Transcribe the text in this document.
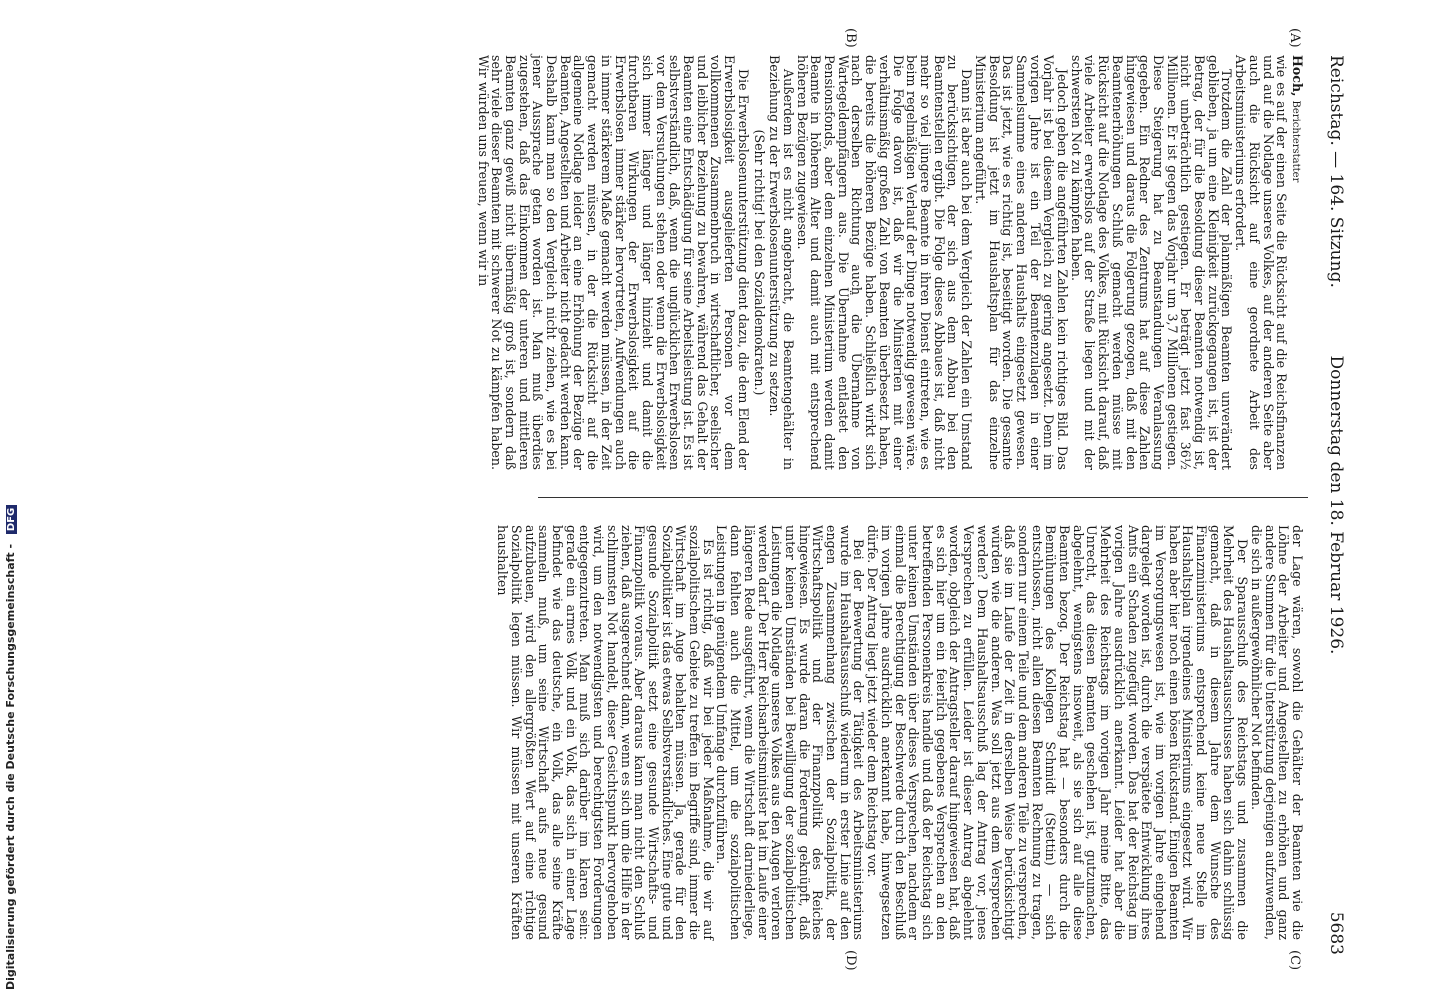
Reichstag. — 164. Sitzung.
Donnerstag den 18. Februar 1926.
5683
(A)
(B)
(C)
(D)

Hoch, Berichterstatter

wie es auf der einen Seite die Rücksicht auf die Reichsfinanzen und auf die Notlage unseres Volkes, auf der anderen Seite aber auch die Rücksicht auf eine geordnete Arbeit des Arbeitsministeriums erfordert.

Trotzdem die Zahl der planmäßigen Beamten unverändert geblieben, ja um eine Kleinigkeit zurückgegangen ist, ist der Betrag, der für die Besoldung dieser Beamten notwendig ist, nicht unbeträchtlich gestiegen. Er beträgt jetzt fast 36½ Millionen. Er ist gegen das Vorjahr um 3,7 Millionen gestiegen. Diese Steigerung hat zu Beanstandungen Veranlassung gegeben. Ein Redner des Zentrums hat auf diese Zahlen hingewiesen und daraus die Folgerung gezogen, daß mit den Beamtenerhöhungen Schluß gemacht werden müsse mit Rücksicht auf die Notlage des Volkes, mit Rücksicht darauf, daß viele Arbeiter erwerbslos auf der Straße liegen und mit der schwersten Not zu kämpfen haben.

Jedoch geben die angeführten Zahlen kein richtiges Bild. Das Vorjahr ist bei diesem Vergleich zu gering angesetzt. Denn im vorigen Jahre ist ein Teil der Beamtenzulagen in einer Sammelsumme eines anderen Haushalts eingesetzt gewesen. Das ist jetzt, wie es richtig ist, beseitigt worden. Die gesamte Besoldung ist jetzt im Haushaltsplan für das einzelne Ministerium angeführt.

Dann ist aber auch bei dem Vergleich der Zahlen ein Umstand zu berücksichtigen, der sich aus dem Abbau bei den Beamtenstellen ergibt. Die Folge dieses Abbaues ist, daß nicht mehr so viel jüngere Beamte in ihren Dienst eintreten, wie es beim regelmäßigen Verlauf der Dinge notwendig gewesen wäre. Die Folge davon ist, daß wir die Ministerien mit einer verhältnismäßig großen Zahl von Beamten überbesetzt haben, die bereits die höheren Bezüge haben. Schließlich wirkt sich nach derselben Richtung auch die Übernahme von Wartegeldempfängern aus. Die Übernahme entlastet den Pensionsfonds, aber dem einzelnen Ministerium werden damit Beamte in höherem Alter und damit auch mit entsprechend höheren Bezügen zugewiesen.

Außerdem ist es nicht angebracht, die Beamtengehälter in Beziehung zu der Erwerbslosenunterstützung zu setzen.

(Sehr richtig! bei den Sozialdemokraten.)

Die Erwerbslosenunterstützung dient dazu, die dem Elend der Erwerbslosigkeit ausgelieferten Personen vor dem vollkommenen Zusammenbruch in wirtschaftlicher, seelischer und leiblicher Beziehung zu bewahren, während das Gehalt der Beamten eine Entschädigung für seine Arbeitsleistung ist. Es ist selbstverständlich, daß, wenn die unglücklichen Erwerbslosen vor dem Versuchungen stehen oder wenn die Erwerbslosigkeit sich immer länger und länger hinzieht und damit die furchtbaren Wirkungen der Erwerbslosigkeit auf die Erwerbslosen immer stärker hervortreten, Aufwendungen auch in immer stärkerem Maße gemacht werden müssen, in der Zeit gemacht werden müssen, in der die Rücksicht auf die allgemeine Notlage leider an eine Erhöhung der Bezüge der Beamten, Angestellten und Arbeiter nicht gedacht werden kann. Deshalb kann man so den Vergleich nicht ziehen, wie es bei jener Aussprache getan worden ist. Man muß überdies zugestehen, daß das Einkommen der unteren und mittleren Beamten ganz gewiß nicht übermäßig groß ist, sondern daß sehr viele dieser Beamten mit schwerer Not zu kämpfen haben. Wir würden uns freuen, wenn wir in

der Lage wären, sowohl die Gehälter der Beamten wie die Löhne der Arbeiter und Angestellten zu erhöhen und ganz andere Summen für die Unterstützung derjenigen aufzuwenden, die sich in außergewöhnlicher Not befinden.

Der Sparausschuß des Reichstags und zusammen die Mehrheit des Haushaltsausschusses haben sich dahin schlüssig gemacht, daß in diesem Jahre dem Wunsche des Finanzministeriums entsprechend keine neue Stelle im Haushaltsplan irgendeines Ministeriums eingesetzt wird. Wir haben aber hier noch einen bösen Rückstand. Einigen Beamten im Versorgungswesen ist, wie im vorigen Jahre eingehend dargelegt worden ist, durch die verspätete Entwicklung ihres Amts ein Schaden zugefügt worden. Das hat der Reichstag im vorigen Jahre ausdrücklich anerkannt. Leider hat aber die Mehrheit des Reichstags im vorigen Jahr meine Bitte, das Unrecht, das diesen Beamten geschehen ist, gutzumachen, abgelehnt, wenigstens insoweit, als sie sich auf alle diese Beamten bezog. Der Reichstag hat — besonders durch die Bemühungen des Kollegen Schmidt (Stettin) — sich entschlossen, nicht allen diesen Beamten Rechnung zu tragen, sondern nur einem Teile und dem anderen Teile zu versprechen, daß sie im Laufe der Zeit in derselben Weise berücksichtigt würden wie die anderen. Was soll jetzt aus dem Versprechen werden? Dem Haushaltsausschuß lag der Antrag vor, jenes Versprechen zu erfüllen. Leider ist dieser Antrag abgelehnt worden, obgleich der Antragsteller darauf hingewiesen hat, daß es sich hier um ein feierlich gegebenes Versprechen an den betreffenden Personenkreis handle und daß der Reichstag sich unter keinen Umständen über dieses Versprechen, nachdem er einmal die Berechtigung der Beschwerde durch den Beschluß im vorigen Jahre ausdrücklich anerkannt habe, hinwegsetzen dürfe. Der Antrag liegt jetzt wieder dem Reichstag vor.

Bei der Bewertung der Tätigkeit des Arbeitsministeriums wurde im Haushaltsausschuß wiederum in erster Linie auf den engen Zusammenhang zwischen der Sozialpolitik, der Wirtschaftspolitik und der Finanzpolitik des Reiches hingewiesen. Es wurde daran die Forderung geknüpft, daß unter keinen Umständen bei Bewilligung der sozialpolitischen Leistungen die Notlage unseres Volkes aus den Augen verloren werden darf. Der Herr Reichsarbeitsminister hat im Laufe einer längeren Rede ausgeführt, wenn die Wirtschaft darniederliege, dann fehlten auch die Mittel, um die sozialpolitischen Leistungen in genügendem Umfange durchzuführen.

Es ist richtig, daß wir bei jeder Maßnahme, die wir auf sozialpolitischem Gebiete zu treffen im Begriffe sind, immer die Wirtschaft im Auge behalten müssen. Ja, gerade für den Sozialpolitiker ist das etwas Selbstverständliches. Eine gute und gesunde Sozialpolitik setzt eine gesunde Wirtschafts- und Finanzpolitik voraus. Aber daraus kann man nicht den Schluß ziehen, daß ausgerechnet dann, wenn es sich um die Hilfe in der schlimmsten Not handelt, dieser Gesichtspunkt hervorgehoben wird, um den notwendigsten und berechtigtsten Forderungen entgegenzutreten. Man muß sich darüber im klaren sein: gerade ein armes Volk und ein Volk, das sich in einer Lage befindet wie das deutsche, ein Volk, das alle seine Kräfte sammeln muß, um seine Wirtschaft aufs neue gesund aufzubauen, wird den allergrößten Wert auf eine richtige Sozialpolitik legen müssen. Wir müssen mit unseren Kräften haushalten

Digitalisierung gefördert durch die Deutsche Forschungsgemeinschaft - DFG
